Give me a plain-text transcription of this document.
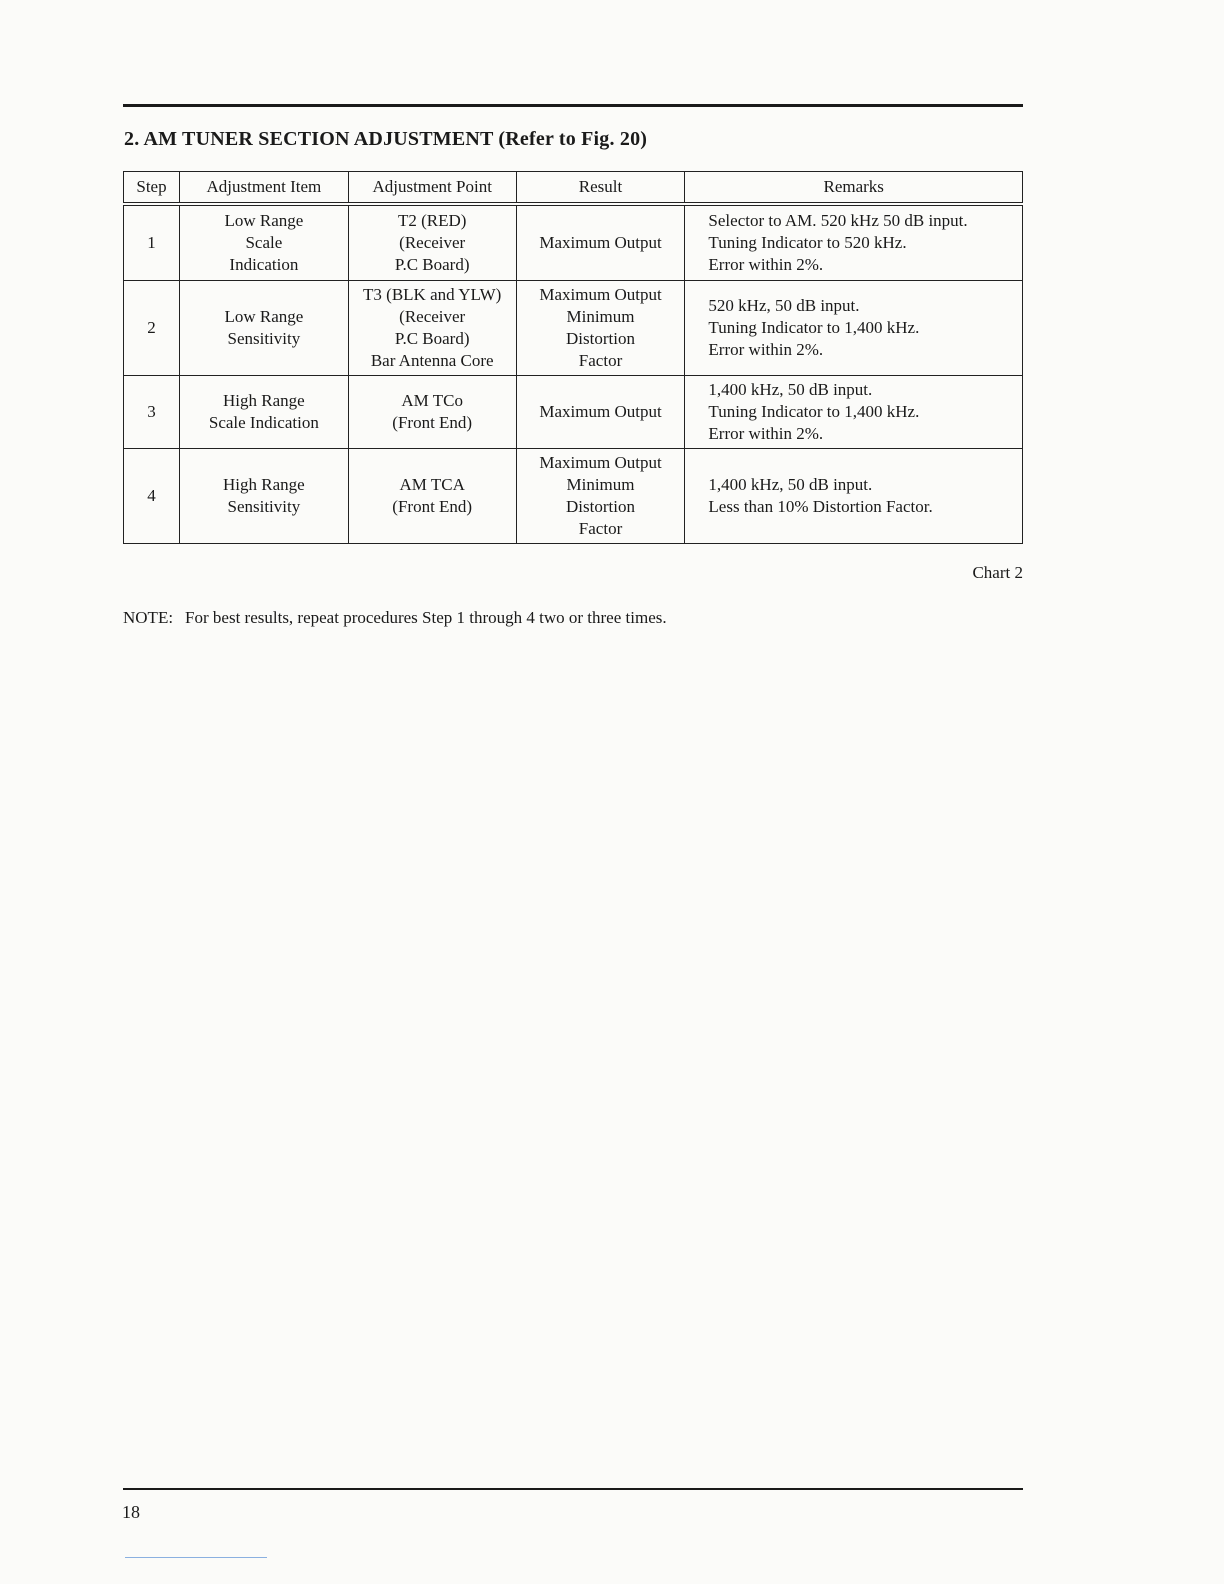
2. AM TUNER SECTION ADJUSTMENT (Refer to Fig. 20)
Step	Adjustment Item	Adjustment Point	Result	Remarks
1	Low Range
Scale
Indication	T2 (RED)
(Receiver
P.C Board)	Maximum Output	Selector to AM. 520 kHz 50 dB input.
Tuning Indicator to 520 kHz.
Error within 2%.

2	Low Range
Sensitivity	T3 (BLK and YLW)
(Receiver
P.C Board)
Bar Antenna Core	Maximum Output
Minimum
Distortion
Factor	520 kHz, 50 dB input.
Tuning Indicator to 1,400 kHz.
Error within 2%.

3	High Range
Scale Indication	AM TCo
(Front End)	Maximum Output	1,400 kHz, 50 dB input.
Tuning Indicator to 1,400 kHz.
Error within 2%.

4	High Range
Sensitivity	AM TCA
(Front End)	Maximum Output
Minimum
Distortion
Factor	1,400 kHz, 50 dB input.
Less than 10% Distortion Factor.
Chart 2
NOTE: For best results, repeat procedures Step 1 through 4 two or three times.
18
